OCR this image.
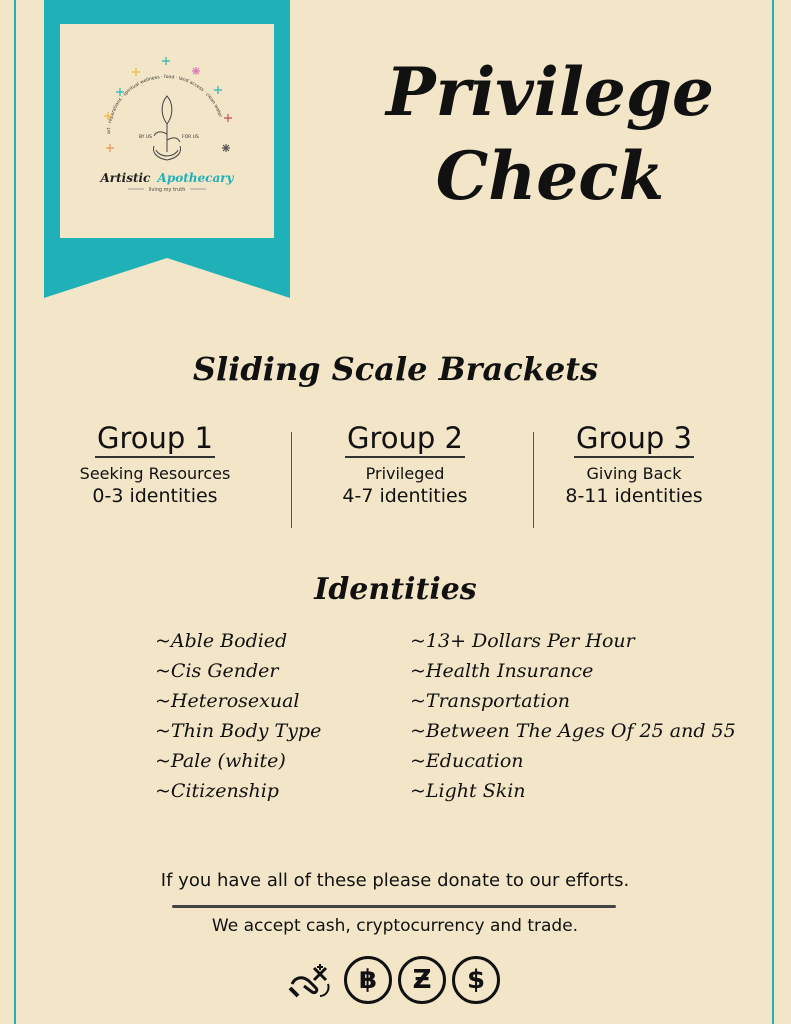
art · reparations · spiritual wellness · food · land access · clean water
BY US	FOR US
Artistic Apothecary
living my truth
Privilege
Check
Sliding Scale Brackets
Group 1
Seeking Resources
0-3 identities
Group 2
Privileged
4-7 identities
Group 3
Giving Back
8-11 identities
Identities
~Able Bodied
~Cis Gender
~Heterosexual
~Thin Body Type
~Pale (white)
~Citizenship
~13+ Dollars Per Hour
~Health Insurance
~Transportation
~Between The Ages Of 25 and 55
~Education
~Light Skin
If you have all of these please donate to our efforts.
We accept cash, cryptocurrency and trade.
฿	Ƶ	$
